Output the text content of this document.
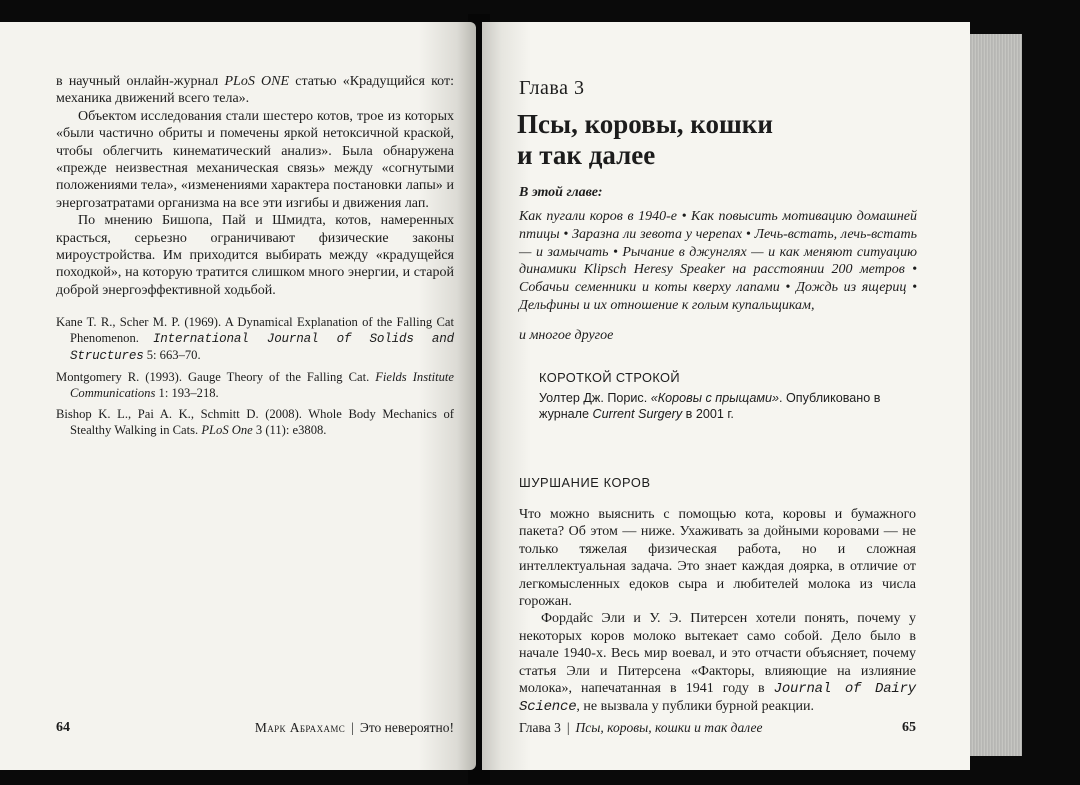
в научный онлайн-журнал PLoS ONE статью «Крадущийся кот: механика движений всего тела».

Объектом исследования стали шестеро котов, трое из которых «были частично обриты и помечены яркой нетоксичной краской, чтобы облегчить кинематический анализ». Была обнаружена «прежде неизвестная механическая связь» между «согнутыми положениями тела», «изменениями характера постановки лапы» и энергозатратами организма на все эти изгибы и движения лап.

По мнению Бишопа, Пай и Шмидта, котов, намеренных красться, серьезно ограничивают физические законы мироустройства. Им приходится выбирать между «крадущейся походкой», на которую тратится слишком много энергии, и старой доброй энергоэффективной ходьбой.

Kane T. R., Scher M. P. (1969). A Dynamical Explanation of the Falling Cat Phenomenon. International Journal of Solids and Structures 5: 663–70.

Montgomery R. (1993). Gauge Theory of the Falling Cat. Fields Institute Communications 1: 193–218.

Bishop K. L., Pai A. K., Schmitt D. (2008). Whole Body Mechanics of Stealthy Walking in Cats. PLoS One 3 (11): e3808.

64	Марк Абрахамс | Это невероятно!
Глава 3
Псы, коровы, кошки
и так далее
В этой главе:
Как пугали коров в 1940-е • Как повысить мотивацию домашней птицы • Заразна ли зевота у черепах • Лечь-встать, лечь-встать — и замычать • Рычание в джунглях — и как меняют ситуацию динамики Klipsch Heresy Speaker на расстоянии 200 метров • Собачьи семенники и коты кверху лапами • Дождь из ящериц • Дельфины и их отношение к голым купальщикам,
и многое другое
КОРОТКОЙ СТРОКОЙ
Уолтер Дж. Порис. «Коровы с прыщами». Опубликовано в журнале Current Surgery в 2001 г.
ШУРШАНИЕ КОРОВ

Что можно выяснить с помощью кота, коровы и бумажного пакета? Об этом — ниже. Ухаживать за дойными коровами — не только тяжелая физическая работа, но и сложная интеллектуальная задача. Это знает каждая доярка, в отличие от легкомысленных едоков сыра и любителей молока из числа горожан.

Фордайс Эли и У. Э. Питерсен хотели понять, почему у некоторых коров молоко вытекает само собой. Дело было в начале 1940-х. Весь мир воевал, и это отчасти объясняет, почему статья Эли и Питерсена «Факторы, влияющие на излияние молока», напечатанная в 1941 году в Journal of Dairy Science, не вызвала у публики бурной реакции.

Глава 3 | Псы, коровы, кошки и так далее	65
